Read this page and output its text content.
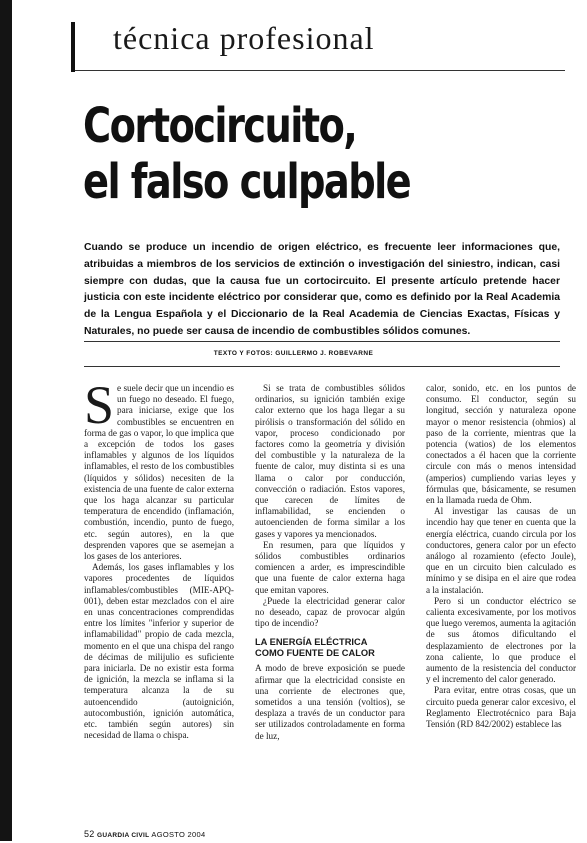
técnica profesional
Cortocircuito,
el falso culpable

Cuando se produce un incendio de origen eléctrico, es frecuente leer informaciones que, atribuidas a miembros de los servicios de extinción o investigación del siniestro, indican, casi siempre con dudas, que la causa fue un cortocircuito. El presente artículo pretende hacer justicia con este incidente eléctrico por considerar que, como es definido por la Real Academia de la Lengua Española y el Diccionario de la Real Academia de Ciencias Exactas, Físicas y Naturales, no puede ser causa de incendio de combustibles sólidos comunes.

TEXTO Y FOTOS: GUILLERMO J. ROBEVARNE

Se suele decir que un incendio es un fuego no deseado. El fuego, para iniciarse, exige que los combustibles se encuentren en forma de gas o vapor, lo que implica que a excepción de todos los gases inflamables y algunos de los líquidos inflamables, el resto de los combustibles (líquidos y sólidos) necesiten de la existencia de una fuente de calor externa que los haga alcanzar su particular temperatura de encendido (inflamación, combustión, incendio, punto de fuego, etc. según autores), en la que desprenden vapores que se asemejan a los gases de los anteriores.

Además, los gases inflamables y los vapores procedentes de líquidos inflamables/combustibles (MIE-APQ-001), deben estar mezclados con el aire en unas concentraciones comprendidas entre los límites "inferior y superior de inflamabilidad" propio de cada mezcla, momento en el que una chispa del rango de décimas de milijulio es suficiente para iniciarla. De no existir esta forma de ignición, la mezcla se inflama si la temperatura alcanza la de su autoencendido (autoignición, autocombustión, ignición automática, etc. también según autores) sin necesidad de llama o chispa.

Si se trata de combustibles sólidos ordinarios, su ignición también exige calor externo que los haga llegar a su pirólisis o transformación del sólido en vapor, proceso condicionado por factores como la geometría y división del combustible y la naturaleza de la fuente de calor, muy distinta si es una llama o calor por conducción, convección o radiación. Estos vapores, que carecen de límites de inflamabilidad, se encienden o autoencienden de forma similar a los gases y vapores ya mencionados.

En resumen, para que líquidos y sólidos combustibles ordinarios comiencen a arder, es imprescindible que una fuente de calor externa haga que emitan vapores.

¿Puede la electricidad generar calor no deseado, capaz de provocar algún tipo de incendio?

LA ENERGÍA ELÉCTRICA
COMO FUENTE DE CALOR

A modo de breve exposición se puede afirmar que la electricidad consiste en una corriente de electrones que, sometidos a una tensión (voltios), se desplaza a través de un conductor para ser utilizados controladamente en forma de luz,

calor, sonido, etc. en los puntos de consumo. El conductor, según su longitud, sección y naturaleza opone mayor o menor resistencia (ohmios) al paso de la corriente, mientras que la potencia (watios) de los elementos conectados a él hacen que la corriente circule con más o menos intensidad (amperios) cumpliendo varias leyes y fórmulas que, básicamente, se resumen en la llamada rueda de Ohm.

Al investigar las causas de un incendio hay que tener en cuenta que la energía eléctrica, cuando circula por los conductores, genera calor por un efecto análogo al rozamiento (efecto Joule), que en un circuito bien calculado es mínimo y se disipa en el aire que rodea a la instalación.

Pero si un conductor eléctrico se calienta excesivamente, por los motivos que luego veremos, aumenta la agitación de sus átomos dificultando el desplazamiento de electrones por la zona caliente, lo que produce el aumento de la resistencia del conductor y el incremento del calor generado.

Para evitar, entre otras cosas, que un circuito pueda generar calor excesivo, el Reglamento Electrotécnico para Baja Tensión (RD 842/2002) establece las

52 GUARDIA CIVIL AGOSTO 2004
